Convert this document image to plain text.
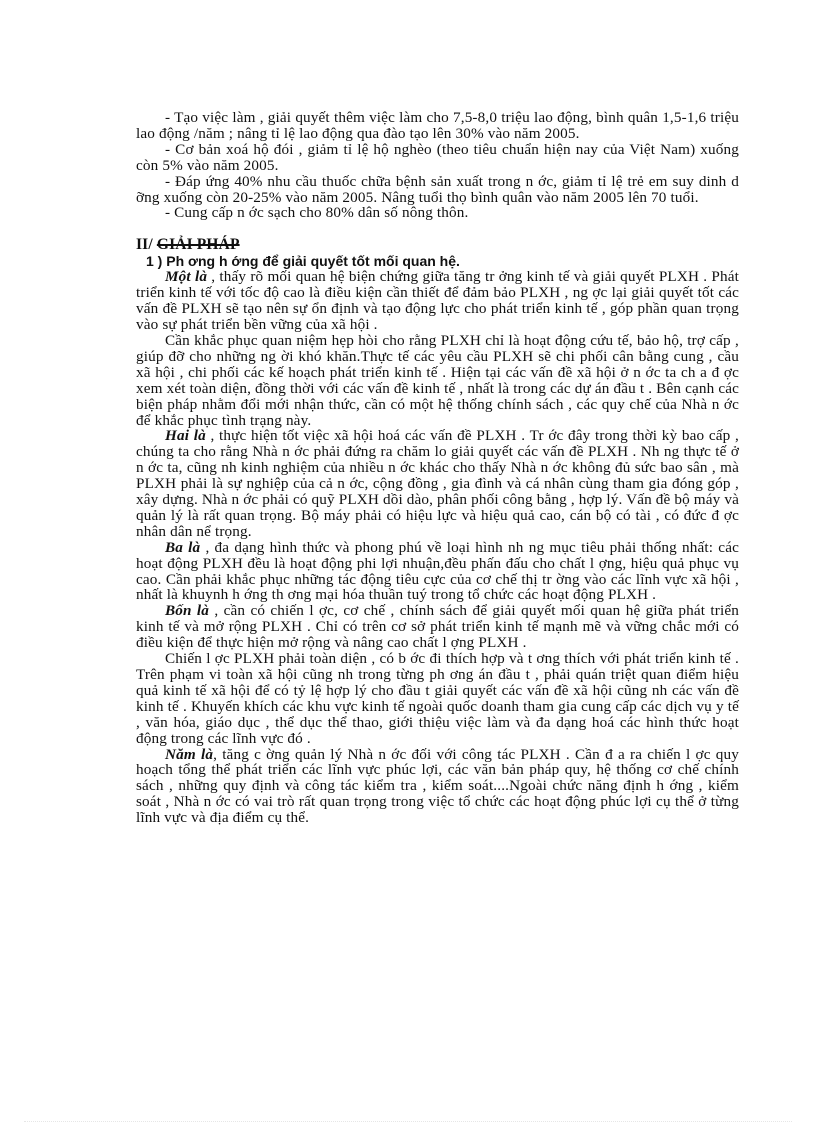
- Tạo việc làm , giải quyết thêm việc làm cho 7,5-8,0 triệu lao động, bình quân 1,5-1,6 triệu lao động /năm ; nâng tỉ lệ lao động qua đào tạo lên 30% vào năm 2005.

- Cơ bản xoá hộ đói , giảm tỉ lệ hộ nghèo (theo tiêu chuẩn hiện nay của Việt Nam) xuống còn 5% vào năm 2005.

- Đáp ứng 40% nhu cầu thuốc chữa bệnh sản xuất trong n ớc, giảm tỉ lệ trẻ em suy dinh d ỡng xuống còn 20-25% vào năm 2005. Nâng tuổi thọ bình quân vào năm 2005 lên 70 tuổi.

- Cung cấp n ớc sạch cho 80% dân số nông thôn.

II/ GIẢI PHÁP

1 ) Ph ơng h ớng để giải quyết tốt mối quan hệ.

Một là , thấy rõ mối quan hệ biện chứng giữa tăng tr ởng kinh tế và giải quyết PLXH . Phát triển kinh tế với tốc độ cao là điều kiện cần thiết để đảm bảo PLXH , ng ợc lại giải quyết tốt các vấn đề PLXH sẽ tạo nên sự ổn định và tạo động lực cho phát triển kinh tế , góp phần quan trọng vào sự phát triển bền vững của xã hội .

Cần khắc phục quan niệm hẹp hòi cho rằng PLXH chỉ là hoạt động cứu tế, bảo hộ, trợ cấp , giúp đỡ cho những ng ời khó khăn.Thực tế các yêu cầu PLXH sẽ chi phối cân bằng cung , cầu xã hội , chi phối các kế hoạch phát triển kinh tế . Hiện tại các vấn đề xã hội ở n ớc ta ch a đ ợc xem xét toàn diện, đồng thời với các vấn đề kinh tế , nhất là trong các dự án đầu t . Bên cạnh các biện pháp nhằm đổi mới nhận thức, cần có một hệ thống chính sách , các quy chế của Nhà n ớc để khắc phục tình trạng này.

Hai là , thực hiện tốt việc xã hội hoá các vấn đề PLXH . Tr ớc đây trong thời kỳ bao cấp , chúng ta cho rằng Nhà n ớc phải đứng ra chăm lo giải quyết các vấn đề PLXH . Nh ng thực tế ở n ớc ta, cũng nh kinh nghiệm của nhiều n ớc khác cho thấy Nhà n ớc không đủ sức bao sân , mà PLXH phải là sự nghiệp của cả n ớc, cộng đồng , gia đình và cá nhân cùng tham gia đóng góp , xây dựng. Nhà n ớc phải có quỹ PLXH dồi dào, phân phối công bằng , hợp lý. Vấn đề bộ máy và quản lý là rất quan trọng. Bộ máy phải có hiệu lực và hiệu quả cao, cán bộ có tài , có đức đ ợc nhân dân nể trọng.

Ba là , đa dạng hình thức và phong phú về loại hình nh ng mục tiêu phải thống nhất: các hoạt động PLXH đều là hoạt động phi lợi nhuận,đều phấn đấu cho chất l ợng, hiệu quả phục vụ cao. Cần phải khắc phục những tác động tiêu cực của cơ chế thị tr ờng vào các lĩnh vực xã hội , nhất là khuynh h ớng th ơng mại hóa thuần tuý trong tổ chức các hoạt động PLXH .

Bốn là , cần có chiến l ợc, cơ chế , chính sách để giải quyết mối quan hệ giữa phát triển kinh tế và mở rộng PLXH . Chỉ có trên cơ sở phát triển kinh tế mạnh mẽ và vững chắc mới có điều kiện để thực hiện mở rộng và nâng cao chất l ợng PLXH .

Chiến l ợc PLXH phải toàn diện , có b ớc đi thích hợp và t ơng thích với phát triển kinh tế . Trên phạm vi toàn xã hội cũng nh trong từng ph ơng án đầu t , phải quán triệt quan điểm hiệu quả kinh tế xã hội để có tỷ lệ hợp lý cho đầu t giải quyết các vấn đề xã hội cũng nh các vấn đề kinh tế . Khuyến khích các khu vực kinh tế ngoài quốc doanh tham gia cung cấp các dịch vụ y tế , văn hóa, giáo dục , thể dục thể thao, giới thiệu việc làm và đa dạng hoá các hình thức hoạt động trong các lĩnh vực đó .

Năm là, tăng c ờng quản lý Nhà n ớc đối với công tác PLXH . Cần đ a ra chiến l ợc quy hoạch tổng thể phát triển các lĩnh vực phúc lợi, các văn bản pháp quy, hệ thống cơ chế chính sách , những quy định và công tác kiểm tra , kiểm soát....Ngoài chức năng định h ớng , kiểm soát , Nhà n ớc có vai trò rất quan trọng trong việc tổ chức các hoạt động phúc lợi cụ thể ở từng lĩnh vực và địa điểm cụ thể.
